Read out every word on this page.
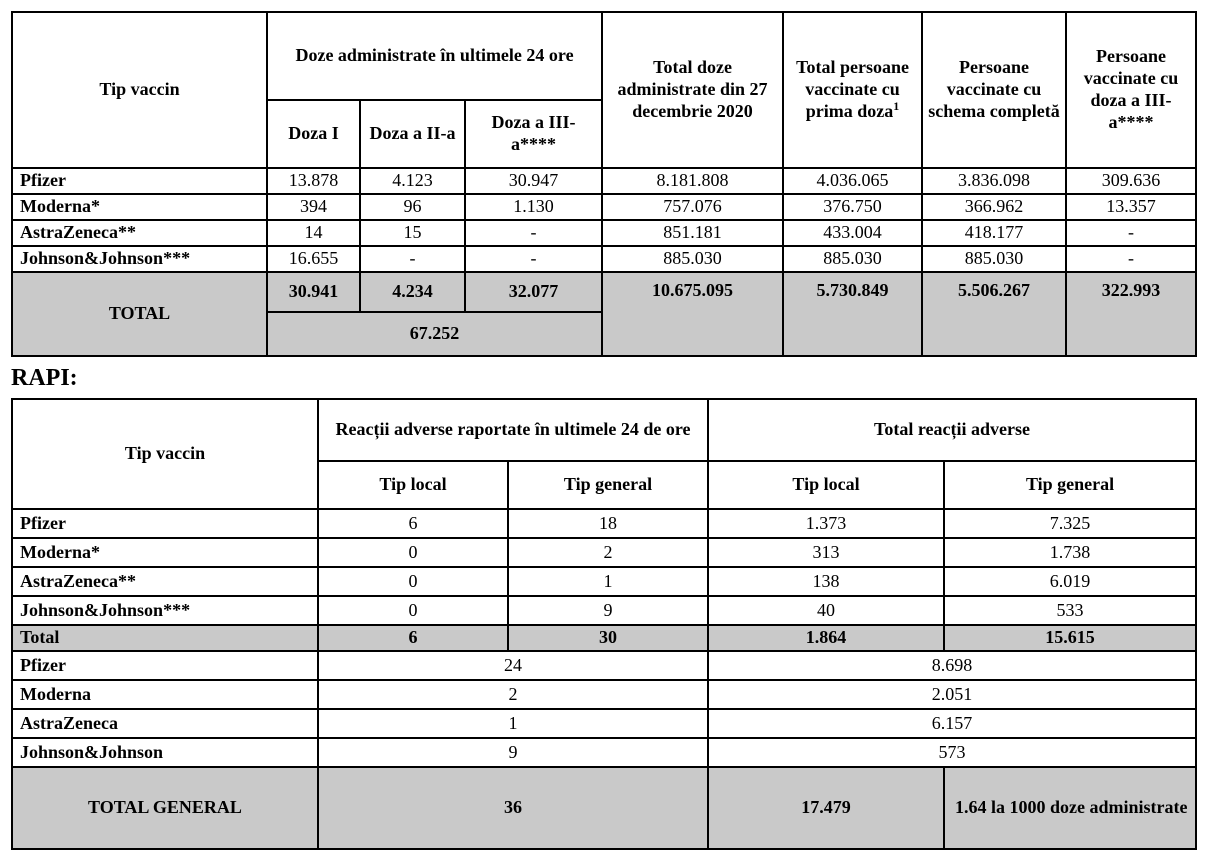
Tip vaccin	Doze administrate în ultimele 24 ore			Total doze administrate din 27 decembrie 2020	Total persoane vaccinate cu prima doza$^1$	Persoane vaccinate cu schema completă	Persoane vaccinate cu doza a III-a****
	Doza I	Doza a II-a	Doza a III-a****				
Pfizer	13.878	4.123	30.947	8.181.808	4.036.065	3.836.098	309.636
Moderna*	394	96	1.130	757.076	376.750	366.962	13.357
AstraZeneca**	14	15	-	851.181	433.004	418.177	-
Johnson&Johnson***	16.655	-	-	885.030	885.030	885.030	-
TOTAL	30.941	4.234	32.077	10.675.095	5.730.849	5.506.267	322.993
	67.252						
RAPI:
Tip vaccin	Reacții adverse raportate în ultimele 24 de ore		Total reacții adverse	
	Tip local	Tip general	Tip local	Tip general
Pfizer	6	18	1.373	7.325
Moderna*	0	2	313	1.738
AstraZeneca**	0	1	138	6.019
Johnson&Johnson***	0	9	40	533
Total	6	30	1.864	15.615
Pfizer	24		8.698	
Moderna	2		2.051	
AstraZeneca	1		6.157	
Johnson&Johnson	9		573	
TOTAL GENERAL	36		17.479	1.64 la 1000 doze administrate
